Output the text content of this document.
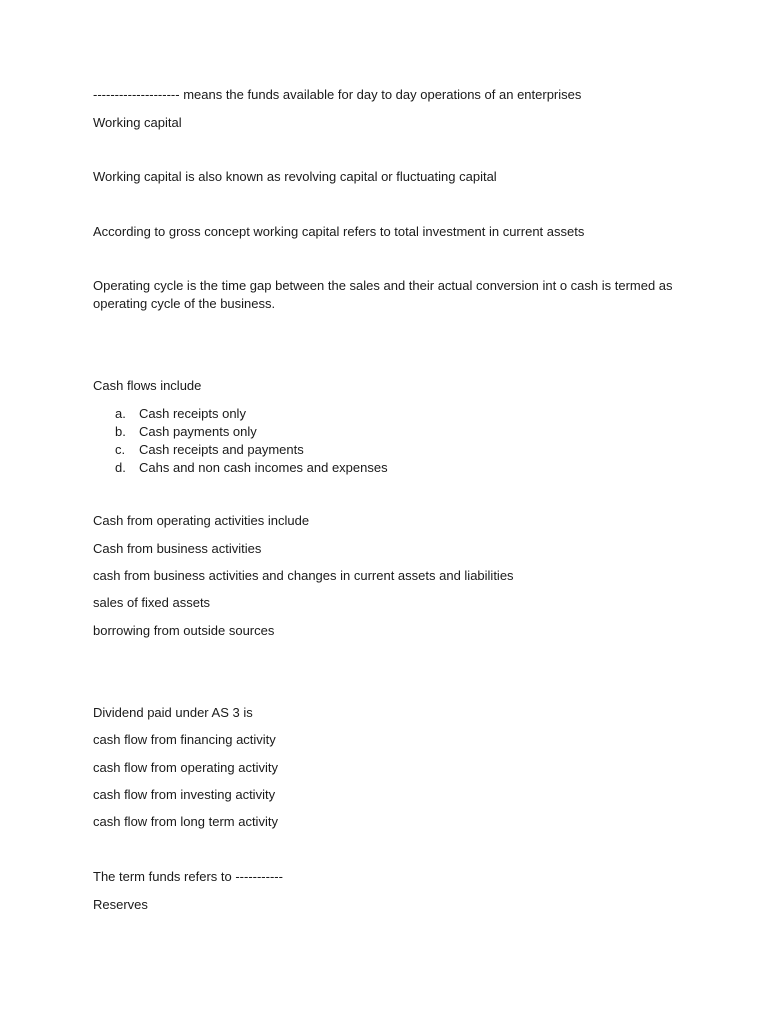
-------------------- means the funds available for day to day operations of an enterprises

Working capital

Working capital is also known as revolving capital or fluctuating capital

According to gross concept working capital refers to total investment in current assets

Operating cycle is the time gap between the sales and their actual conversion int o cash is termed as operating cycle of the business.

Cash flows include

a. Cash receipts only
b. Cash payments only
c. Cash receipts and payments
d. Cahs and non cash incomes and expenses

Cash from operating activities include

Cash from business activities

cash from business activities and changes in current assets and liabilities

sales of fixed assets

borrowing from outside sources

Dividend paid under AS 3 is

cash flow from financing activity

cash flow from operating activity

cash flow from investing activity

cash flow from long term activity

The term funds refers to -----------

Reserves
